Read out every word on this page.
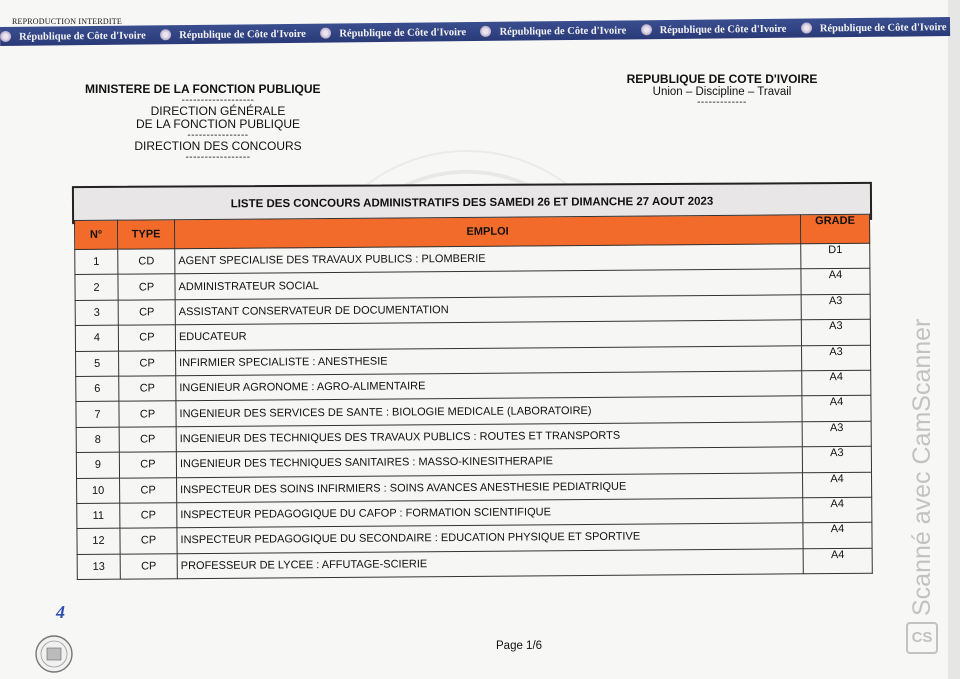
REPRODUCTION INTERDITE
République de Côte d'Ivoire	République de Côte d'Ivoire	République de Côte d'Ivoire	République de Côte d'Ivoire	République de Côte d'Ivoire	République de Côte d'Ivoire
MINISTERE DE LA FONCTION PUBLIQUE
-------------------
DIRECTION GÉNÉRALE
DE LA FONCTION PUBLIQUE
----------------
DIRECTION DES CONCOURS
-----------------
REPUBLIQUE DE COTE D'IVOIRE
Union – Discipline – Travail
-------------
LISTE DES CONCOURS ADMINISTRATIFS DES SAMEDI 26 ET DIMANCHE 27 AOUT 2023
N°	TYPE	EMPLOI	GRADE
1	CD	AGENT SPECIALISE DES TRAVAUX PUBLICS : PLOMBERIE	D1
2	CP	ADMINISTRATEUR SOCIAL	A4
3	CP	ASSISTANT CONSERVATEUR DE DOCUMENTATION	A3
4	CP	EDUCATEUR	A3
5	CP	INFIRMIER SPECIALISTE : ANESTHESIE	A3
6	CP	INGENIEUR AGRONOME : AGRO-ALIMENTAIRE	A4
7	CP	INGENIEUR DES SERVICES DE SANTE : BIOLOGIE MEDICALE (LABORATOIRE)	A4
8	CP	INGENIEUR DES TECHNIQUES DES TRAVAUX PUBLICS : ROUTES ET TRANSPORTS	A3
9	CP	INGENIEUR DES TECHNIQUES SANITAIRES : MASSO-KINESITHERAPIE	A3
10	CP	INSPECTEUR DES SOINS INFIRMIERS : SOINS AVANCES ANESTHESIE PEDIATRIQUE	A4
11	CP	INSPECTEUR PEDAGOGIQUE DU CAFOP : FORMATION SCIENTIFIQUE	A4
12	CP	INSPECTEUR PEDAGOGIQUE DU SECONDAIRE : EDUCATION PHYSIQUE ET SPORTIVE	A4
13	CP	PROFESSEUR DE LYCEE : AFFUTAGE-SCIERIE	A4
4
Page 1/6
Scanné avec CamScanner
CS
